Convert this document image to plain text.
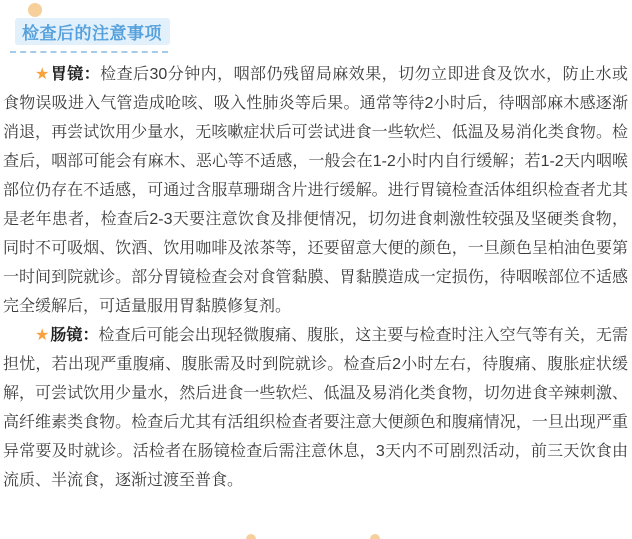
检查后的注意事项

★胃镜：检查后30分钟内，咽部仍残留局麻效果，切勿立即进食及饮水，防止水或食物误吸进入气管造成呛咳、吸入性肺炎等后果。通常等待2小时后，待咽部麻木感逐渐消退，再尝试饮用少量水，无咳嗽症状后可尝试进食一些软烂、低温及易消化类食物。检查后，咽部可能会有麻木、恶心等不适感，一般会在1-2小时内自行缓解；若1-2天内咽喉部位仍存在不适感，可通过含服草珊瑚含片进行缓解。进行胃镜检查活体组织检查者尤其是老年患者，检查后2-3天要注意饮食及排便情况，切勿进食刺激性较强及坚硬类食物，同时不可吸烟、饮酒、饮用咖啡及浓茶等，还要留意大便的颜色，一旦颜色呈柏油色要第一时间到院就诊。部分胃镜检查会对食管黏膜、胃黏膜造成一定损伤，待咽喉部位不适感完全缓解后，可适量服用胃黏膜修复剂。

★肠镜：检查后可能会出现轻微腹痛、腹胀，这主要与检查时注入空气等有关，无需担忧，若出现严重腹痛、腹胀需及时到院就诊。检查后2小时左右，待腹痛、腹胀症状缓解，可尝试饮用少量水，然后进食一些软烂、低温及易消化类食物，切勿进食辛辣刺激、高纤维素类食物。检查后尤其有活组织检查者要注意大便颜色和腹痛情况，一旦出现严重异常要及时就诊。活检者在肠镜检查后需注意休息，3天内不可剧烈活动，前三天饮食由流质、半流食，逐渐过渡至普食。
